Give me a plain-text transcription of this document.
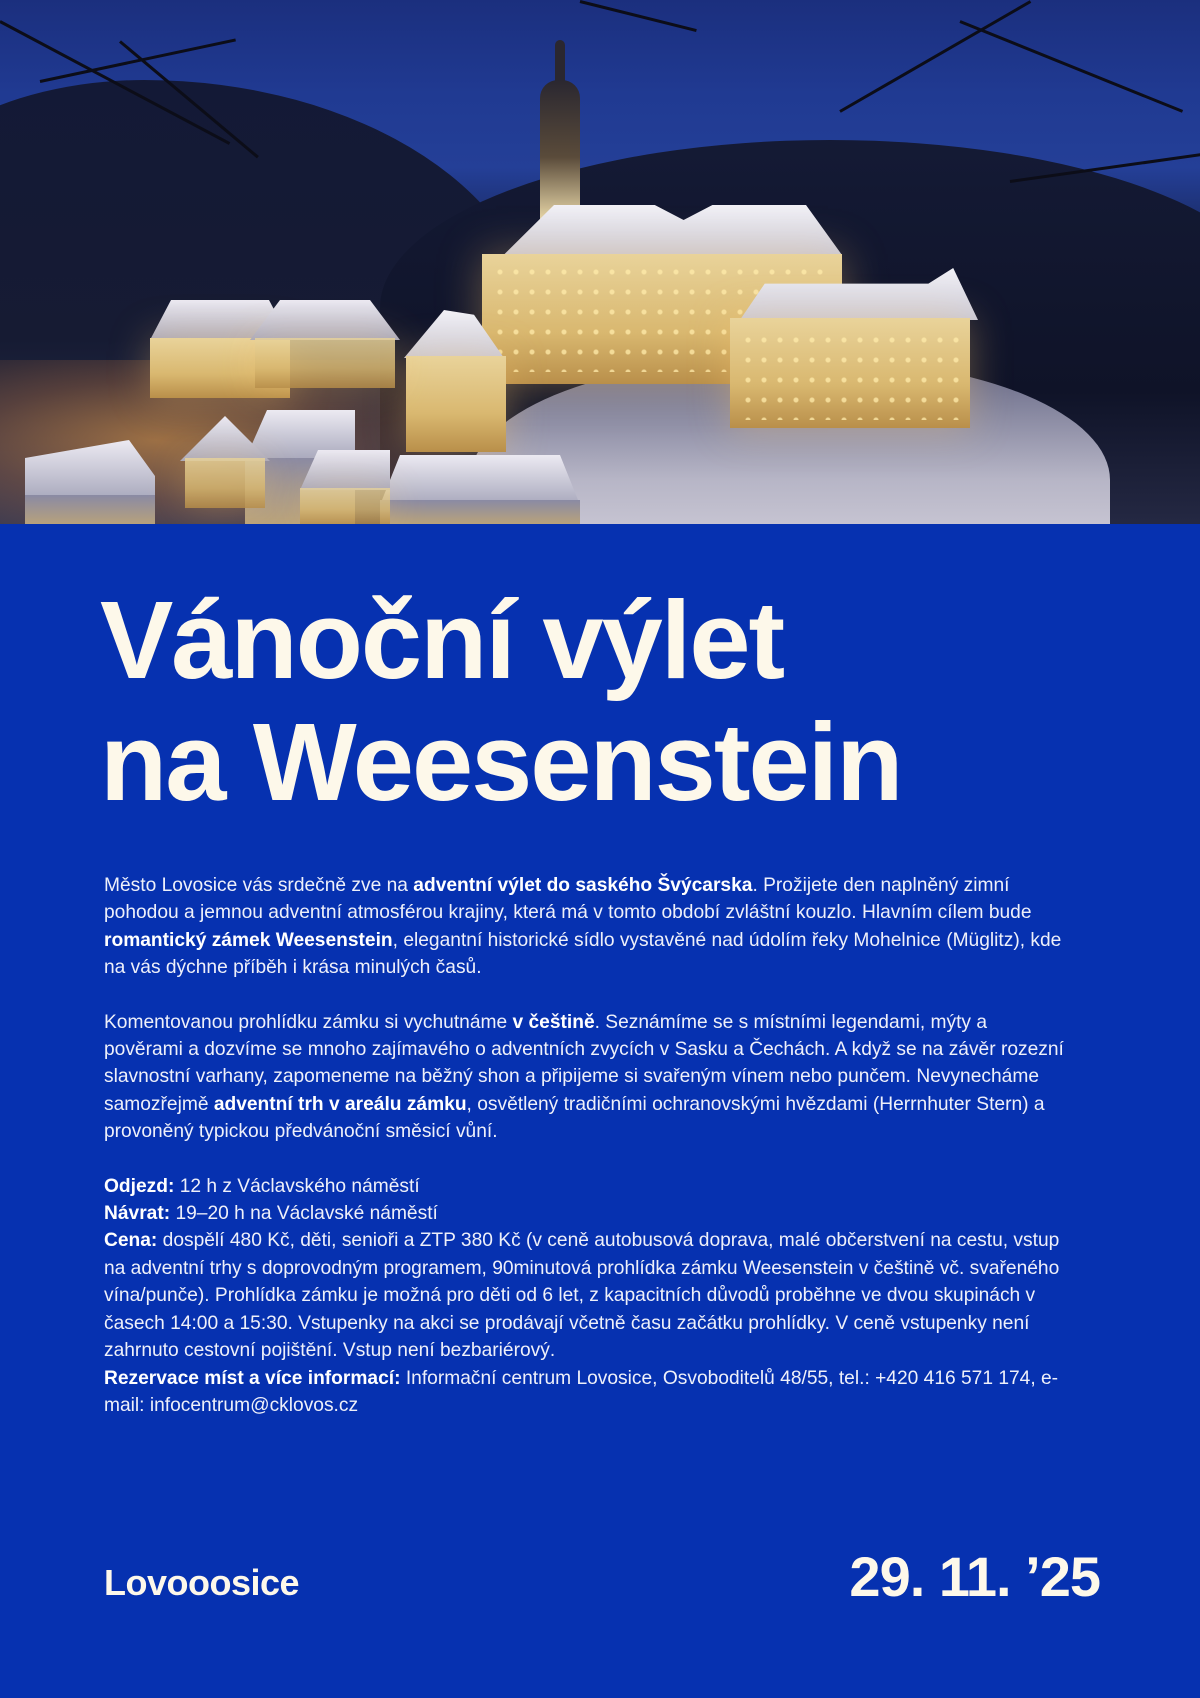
Vánoční výlet
na Weesenstein

Město Lovosice vás srdečně zve na adventní výlet do saského Švýcarska. Prožijete den naplněný zimní pohodou a jemnou adventní atmosférou krajiny, která má v tomto období zvláštní kouzlo. Hlavním cílem bude romantický zámek Weesenstein, elegantní historické sídlo vystavěné nad údolím řeky Mohelnice (Müglitz), kde na vás dýchne příběh i krása minulých časů.

Komentovanou prohlídku zámku si vychutnáme v češtině. Seznámíme se s místními legendami, mýty a pověrami a dozvíme se mnoho zajímavého o adventních zvycích v Sasku a Čechách. A když se na závěr rozezní slavnostní varhany, zapomeneme na běžný shon a připijeme si svařeným vínem nebo punčem. Nevynecháme samozřejmě adventní trh v areálu zámku, osvětlený tradičními ochranovskými hvězdami (Herrnhuter Stern) a provoněný typickou předvánoční směsicí vůní.

Odjezd: 12 h z Václavského náměstí

Návrat: 19–20 h na Václavské náměstí

Cena: dospělí 480 Kč, děti, senioři a ZTP 380 Kč (v ceně autobusová doprava, malé občerstvení na cestu, vstup na adventní trhy s doprovodným programem, 90minutová prohlídka zámku Weesenstein v češtině vč. svařeného vína/punče). Prohlídka zámku je možná pro děti od 6 let, z kapacitních důvodů proběhne ve dvou skupinách v časech 14:00 a 15:30. Vstupenky na akci se prodávají včetně času začátku prohlídky. V ceně vstupenky není zahrnuto cestovní pojištění. Vstup není bezbariérový.

Rezervace míst a více informací: Informační centrum Lovosice, Osvoboditelů 48/55, tel.: +420 416 571 174, e-mail: infocentrum@cklovos.cz

Lovooosice	29. 11. ’25
